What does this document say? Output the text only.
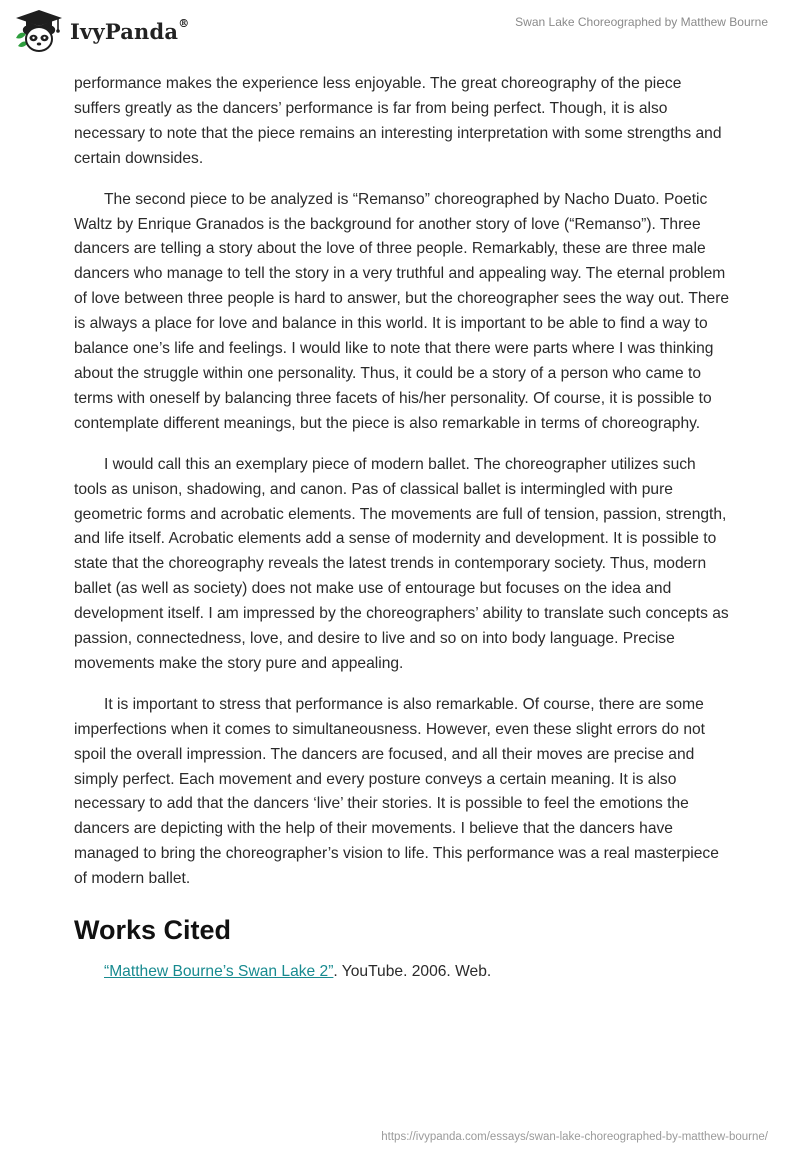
IvyPanda®	Swan Lake Choreographed by Matthew Bourne

performance makes the experience less enjoyable. The great choreography of the piece suffers greatly as the dancers’ performance is far from being perfect. Though, it is also necessary to note that the piece remains an interesting interpretation with some strengths and certain downsides.

The second piece to be analyzed is “Remanso” choreographed by Nacho Duato. Poetic Waltz by Enrique Granados is the background for another story of love (“Remanso”). Three dancers are telling a story about the love of three people. Remarkably, these are three male dancers who manage to tell the story in a very truthful and appealing way. The eternal problem of love between three people is hard to answer, but the choreographer sees the way out. There is always a place for love and balance in this world. It is important to be able to find a way to balance one’s life and feelings. I would like to note that there were parts where I was thinking about the struggle within one personality. Thus, it could be a story of a person who came to terms with oneself by balancing three facets of his/her personality. Of course, it is possible to contemplate different meanings, but the piece is also remarkable in terms of choreography.

I would call this an exemplary piece of modern ballet. The choreographer utilizes such tools as unison, shadowing, and canon. Pas of classical ballet is intermingled with pure geometric forms and acrobatic elements. The movements are full of tension, passion, strength, and life itself. Acrobatic elements add a sense of modernity and development. It is possible to state that the choreography reveals the latest trends in contemporary society. Thus, modern ballet (as well as society) does not make use of entourage but focuses on the idea and development itself. I am impressed by the choreographers’ ability to translate such concepts as passion, connectedness, love, and desire to live and so on into body language. Precise movements make the story pure and appealing.

It is important to stress that performance is also remarkable. Of course, there are some imperfections when it comes to simultaneousness. However, even these slight errors do not spoil the overall impression. The dancers are focused, and all their moves are precise and simply perfect. Each movement and every posture conveys a certain meaning. It is also necessary to add that the dancers ‘live’ their stories. It is possible to feel the emotions the dancers are depicting with the help of their movements. I believe that the dancers have managed to bring the choreographer’s vision to life. This performance was a real masterpiece of modern ballet.

Works Cited
“Matthew Bourne’s Swan Lake 2”. YouTube. 2006. Web.
https://ivypanda.com/essays/swan-lake-choreographed-by-matthew-bourne/
